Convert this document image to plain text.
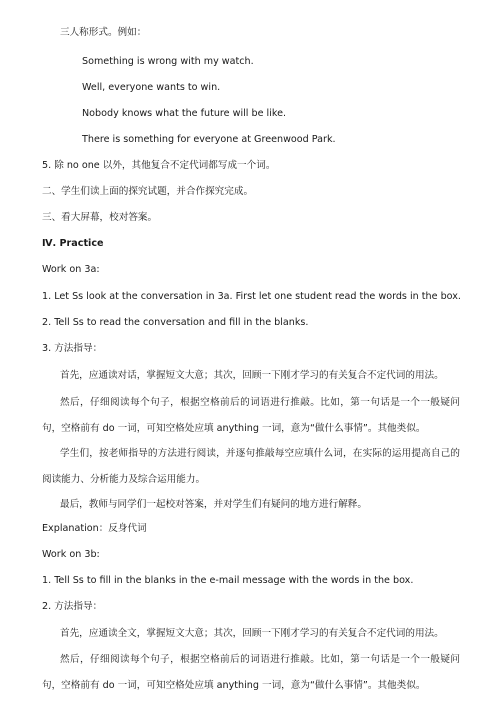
三人称形式。例如：

Something is wrong with my watch.

Well, everyone wants to win.

Nobody knows what the future will be like.

There is something for everyone at Greenwood Park.

5. 除 no one 以外，其他复合不定代词都写成一个词。

二、学生们读上面的探究试题，并合作探究完成。

三、看大屏幕，校对答案。

Ⅳ. Practice

Work on 3a:

1. Let Ss look at the conversation in 3a. First let one student read the words in the box.

2. Tell Ss to read the conversation and fill in the blanks.

3. 方法指导：

首先，应通读对话，掌握短文大意；其次，回顾一下刚才学习的有关复合不定代词的用法。

然后，仔细阅读每个句子，根据空格前后的词语进行推敲。比如，第一句话是一个一般疑问句，空格前有 do 一词，可知空格处应填 anything 一词，意为“做什么事情”。其他类似。

学生们，按老师指导的方法进行阅读，并逐句推敲每空应填什么词，在实际的运用提高自己的阅读能力、分析能力及综合运用能力。

最后，教师与同学们一起校对答案，并对学生们有疑问的地方进行解释。

Explanation：反身代词

Work on 3b:

1. Tell Ss to fill in the blanks in the e-mail message with the words in the box.

2. 方法指导：

首先，应通读全文，掌握短文大意；其次，回顾一下刚才学习的有关复合不定代词的用法。

然后，仔细阅读每个句子，根据空格前后的词语进行推敲。比如，第一句话是一个一般疑问句，空格前有 do 一词，可知空格处应填 anything 一词，意为“做什么事情”。其他类似。
